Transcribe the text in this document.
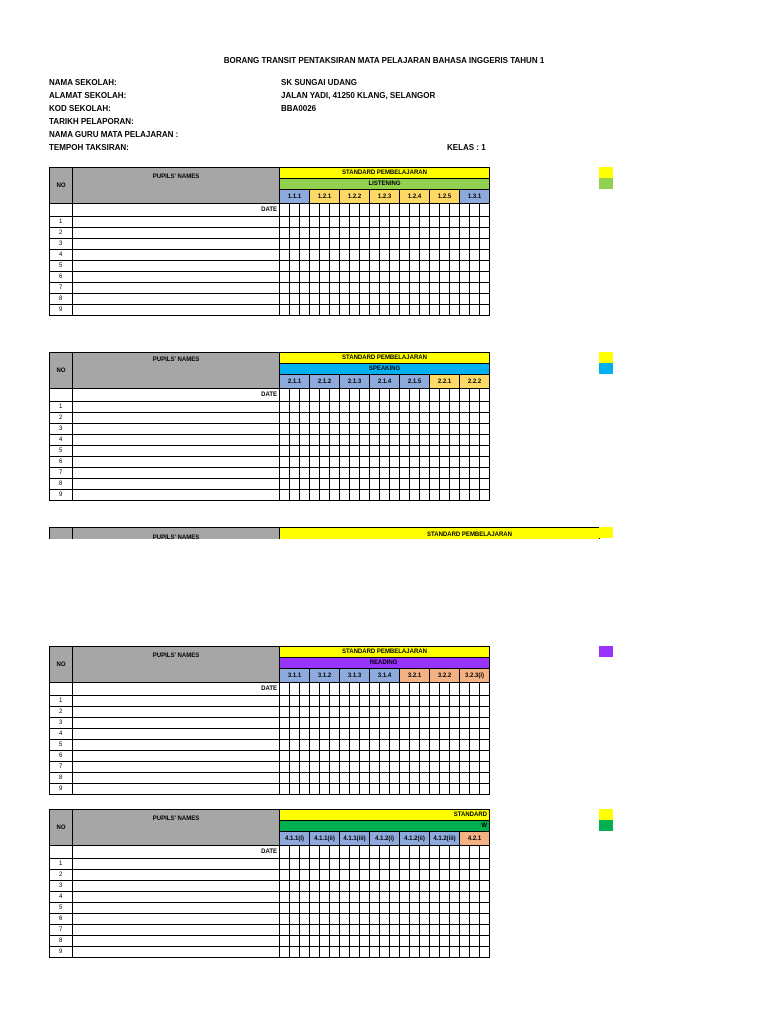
BORANG TRANSIT PENTAKSIRAN MATA PELAJARAN BAHASA INGGERIS TAHUN 1
NAMA SEKOLAH:	SK SUNGAI UDANG
ALAMAT SEKOLAH:	JALAN YADI, 41250 KLANG, SELANGOR
KOD SEKOLAH:	BBA0026
TARIKH PELAPORAN:
NAMA GURU MATA PELAJARAN :
TEMPOH TAKSIRAN:	KELAS : 1
NO	PUPILS' NAMES	STANDARD PEMBELAJARAN																				
		LISTENING																				
		1.1.1			1.2.1			1.2.2			1.2.3			1.2.4			1.2.5			1.3.1		
	DATE																					
1																						
2																						
3																						
4																						
5																						
6																						
7																						
8																						
9																						
NO	PUPILS' NAMES	STANDARD PEMBELAJARAN																				
		SPEAKING																				
		2.1.1			2.1.2			2.1.3			2.1.4			2.1.5			2.2.1			2.2.2		
	DATE																					
1																						
2																						
3																						
4																						
5																						
6																						
7																						
8																						
9																						
	PUPILS' NAMES	STANDARD PEMBELAJARAN
NO	PUPILS' NAMES	STANDARD PEMBELAJARAN																				
		READING																				
		3.1.1			3.1.2			3.1.3			3.1.4			3.2.1			3.2.2			3.2.3(i)		
	DATE																					
1																						
2																						
3																						
4																						
5																						
6																						
7																						
8																						
9																						
NO	PUPILS' NAMES	STANDARD																				
		W																				
		4.1.1(i)			4.1.1(ii)			4.1.1(iii)			4.1.2(i)			4.1.2(ii)			4.1.2(iii)			4.2.1		
	DATE																					
1																						
2																						
3																						
4																						
5																						
6																						
7																						
8																						
9																						
